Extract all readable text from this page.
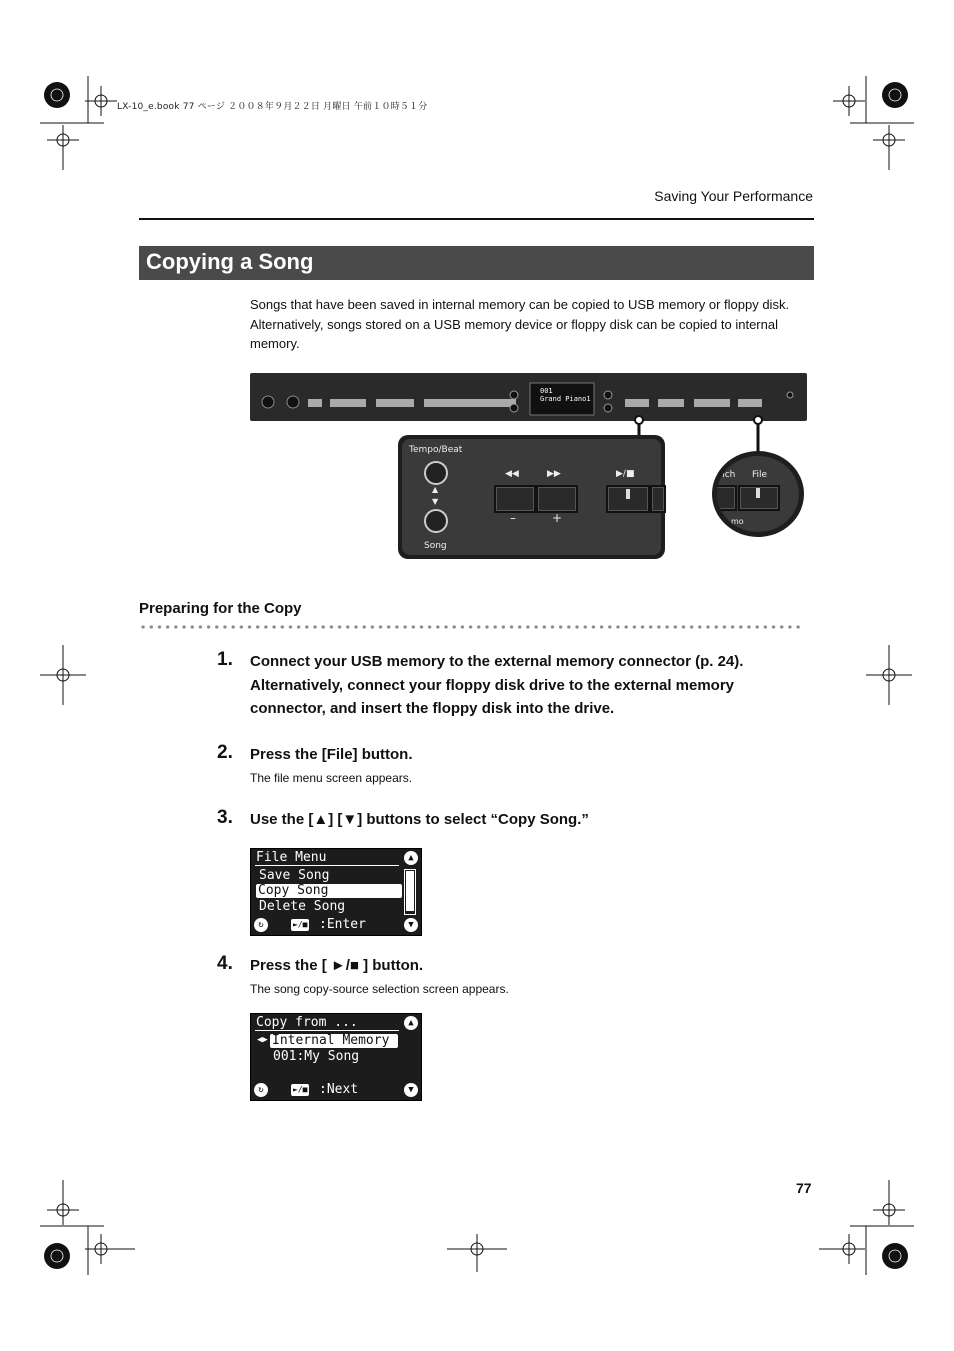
LX-10_e.book 77 ページ ２００８年９月２２日 月曜日 午前１０時５１分
Saving Your Performance
Copying a Song
Songs that have been saved in internal memory can be copied to USB memory or floppy disk. Alternatively, songs stored on a USB memory device or floppy disk can be copied to internal memory.
001
Grand Piano1
Tempo/Beat
▲
▼
Song
◀◀	▶▶	▶/■
–	+
nch File
mo
Preparing for the Copy
1. Connect your USB memory to the external memory connector (p. 24). Alternatively, connect your floppy disk drive to the external memory connector, and insert the floppy disk into the drive.
2. Press the [File] button.
The file menu screen appears.
3. Use the [▲] [▼] buttons to select “Copy Song.”
File Menu
Save Song
Copy Song
Delete Song
▲
▼
↻	►/■ :Enter
4. Press the [ ►/■ ] button.
The song copy-source selection screen appears.
Copy from ...
◀▶ Internal Memory
001:My Song
▲
▼
↻	►/■ :Next
77
